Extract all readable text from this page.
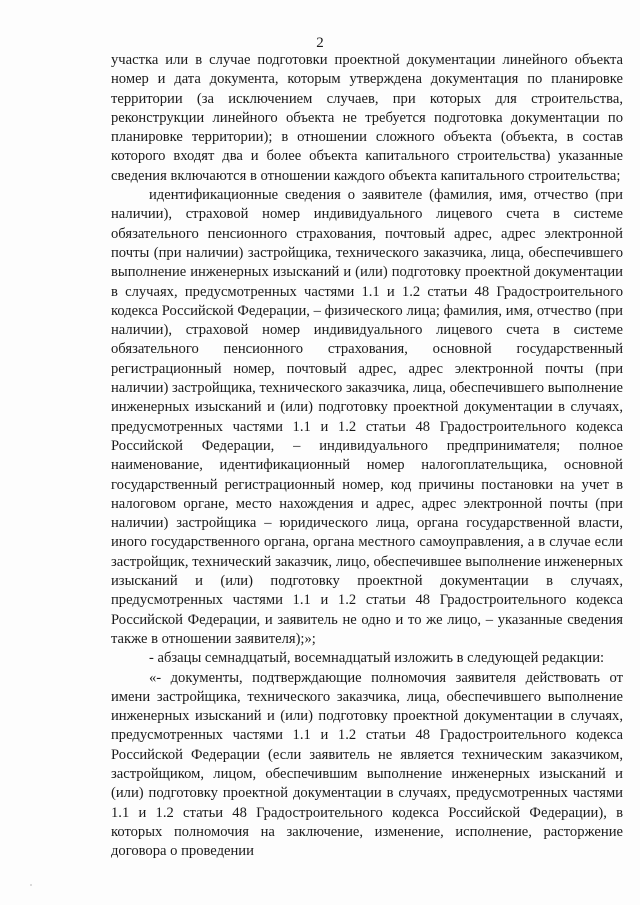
2

участка или в случае подготовки проектной документации линейного объекта номер и дата документа, которым утверждена документация по планировке территории (за исключением случаев, при которых для строительства, реконструкции линейного объекта не требуется подготовка документации по планировке территории); в отношении сложного объекта (объекта, в состав которого входят два и более объекта капитального строительства) указанные сведения включаются в отношении каждого объекта капитального строительства;

идентификационные сведения о заявителе (фамилия, имя, отчество (при наличии), страховой номер индивидуального лицевого счета в системе обязательного пенсионного страхования, почтовый адрес, адрес электронной почты (при наличии) застройщика, технического заказчика, лица, обеспечившего выполнение инженерных изысканий и (или) подготовку проектной документации в случаях, предусмотренных частями 1.1 и 1.2 статьи 48 Градостроительного кодекса Российской Федерации, – физического лица; фамилия, имя, отчество (при наличии), страховой номер индивидуального лицевого счета в системе обязательного пенсионного страхования, основной государственный регистрационный номер, почтовый адрес, адрес электронной почты (при наличии) застройщика, технического заказчика, лица, обеспечившего выполнение инженерных изысканий и (или) подготовку проектной документации в случаях, предусмотренных частями 1.1 и 1.2 статьи 48 Градостроительного кодекса Российской Федерации, – индивидуального предпринимателя; полное наименование, идентификационный номер налогоплательщика, основной государственный регистрационный номер, код причины постановки на учет в налоговом органе, место нахождения и адрес, адрес электронной почты (при наличии) застройщика – юридического лица, органа государственной власти, иного государственного органа, органа местного самоуправления, а в случае если застройщик, технический заказчик, лицо, обеспечившее выполнение инженерных изысканий и (или) подготовку проектной документации в случаях, предусмотренных частями 1.1 и 1.2 статьи 48 Градостроительного кодекса Российской Федерации, и заявитель не одно и то же лицо, – указанные сведения также в отношении заявителя);»;

- абзацы семнадцатый, восемнадцатый изложить в следующей редакции:

«- документы, подтверждающие полномочия заявителя действовать от имени застройщика, технического заказчика, лица, обеспечившего выполнение инженерных изысканий и (или) подготовку проектной документации в случаях, предусмотренных частями 1.1 и 1.2 статьи 48 Градостроительного кодекса Российской Федерации (если заявитель не является техническим заказчиком, застройщиком, лицом, обеспечившим выполнение инженерных изысканий и (или) подготовку проектной документации в случаях, предусмотренных частями 1.1 и 1.2 статьи 48 Градостроительного кодекса Российской Федерации), в которых полномочия на заключение, изменение, исполнение, расторжение договора о проведении
